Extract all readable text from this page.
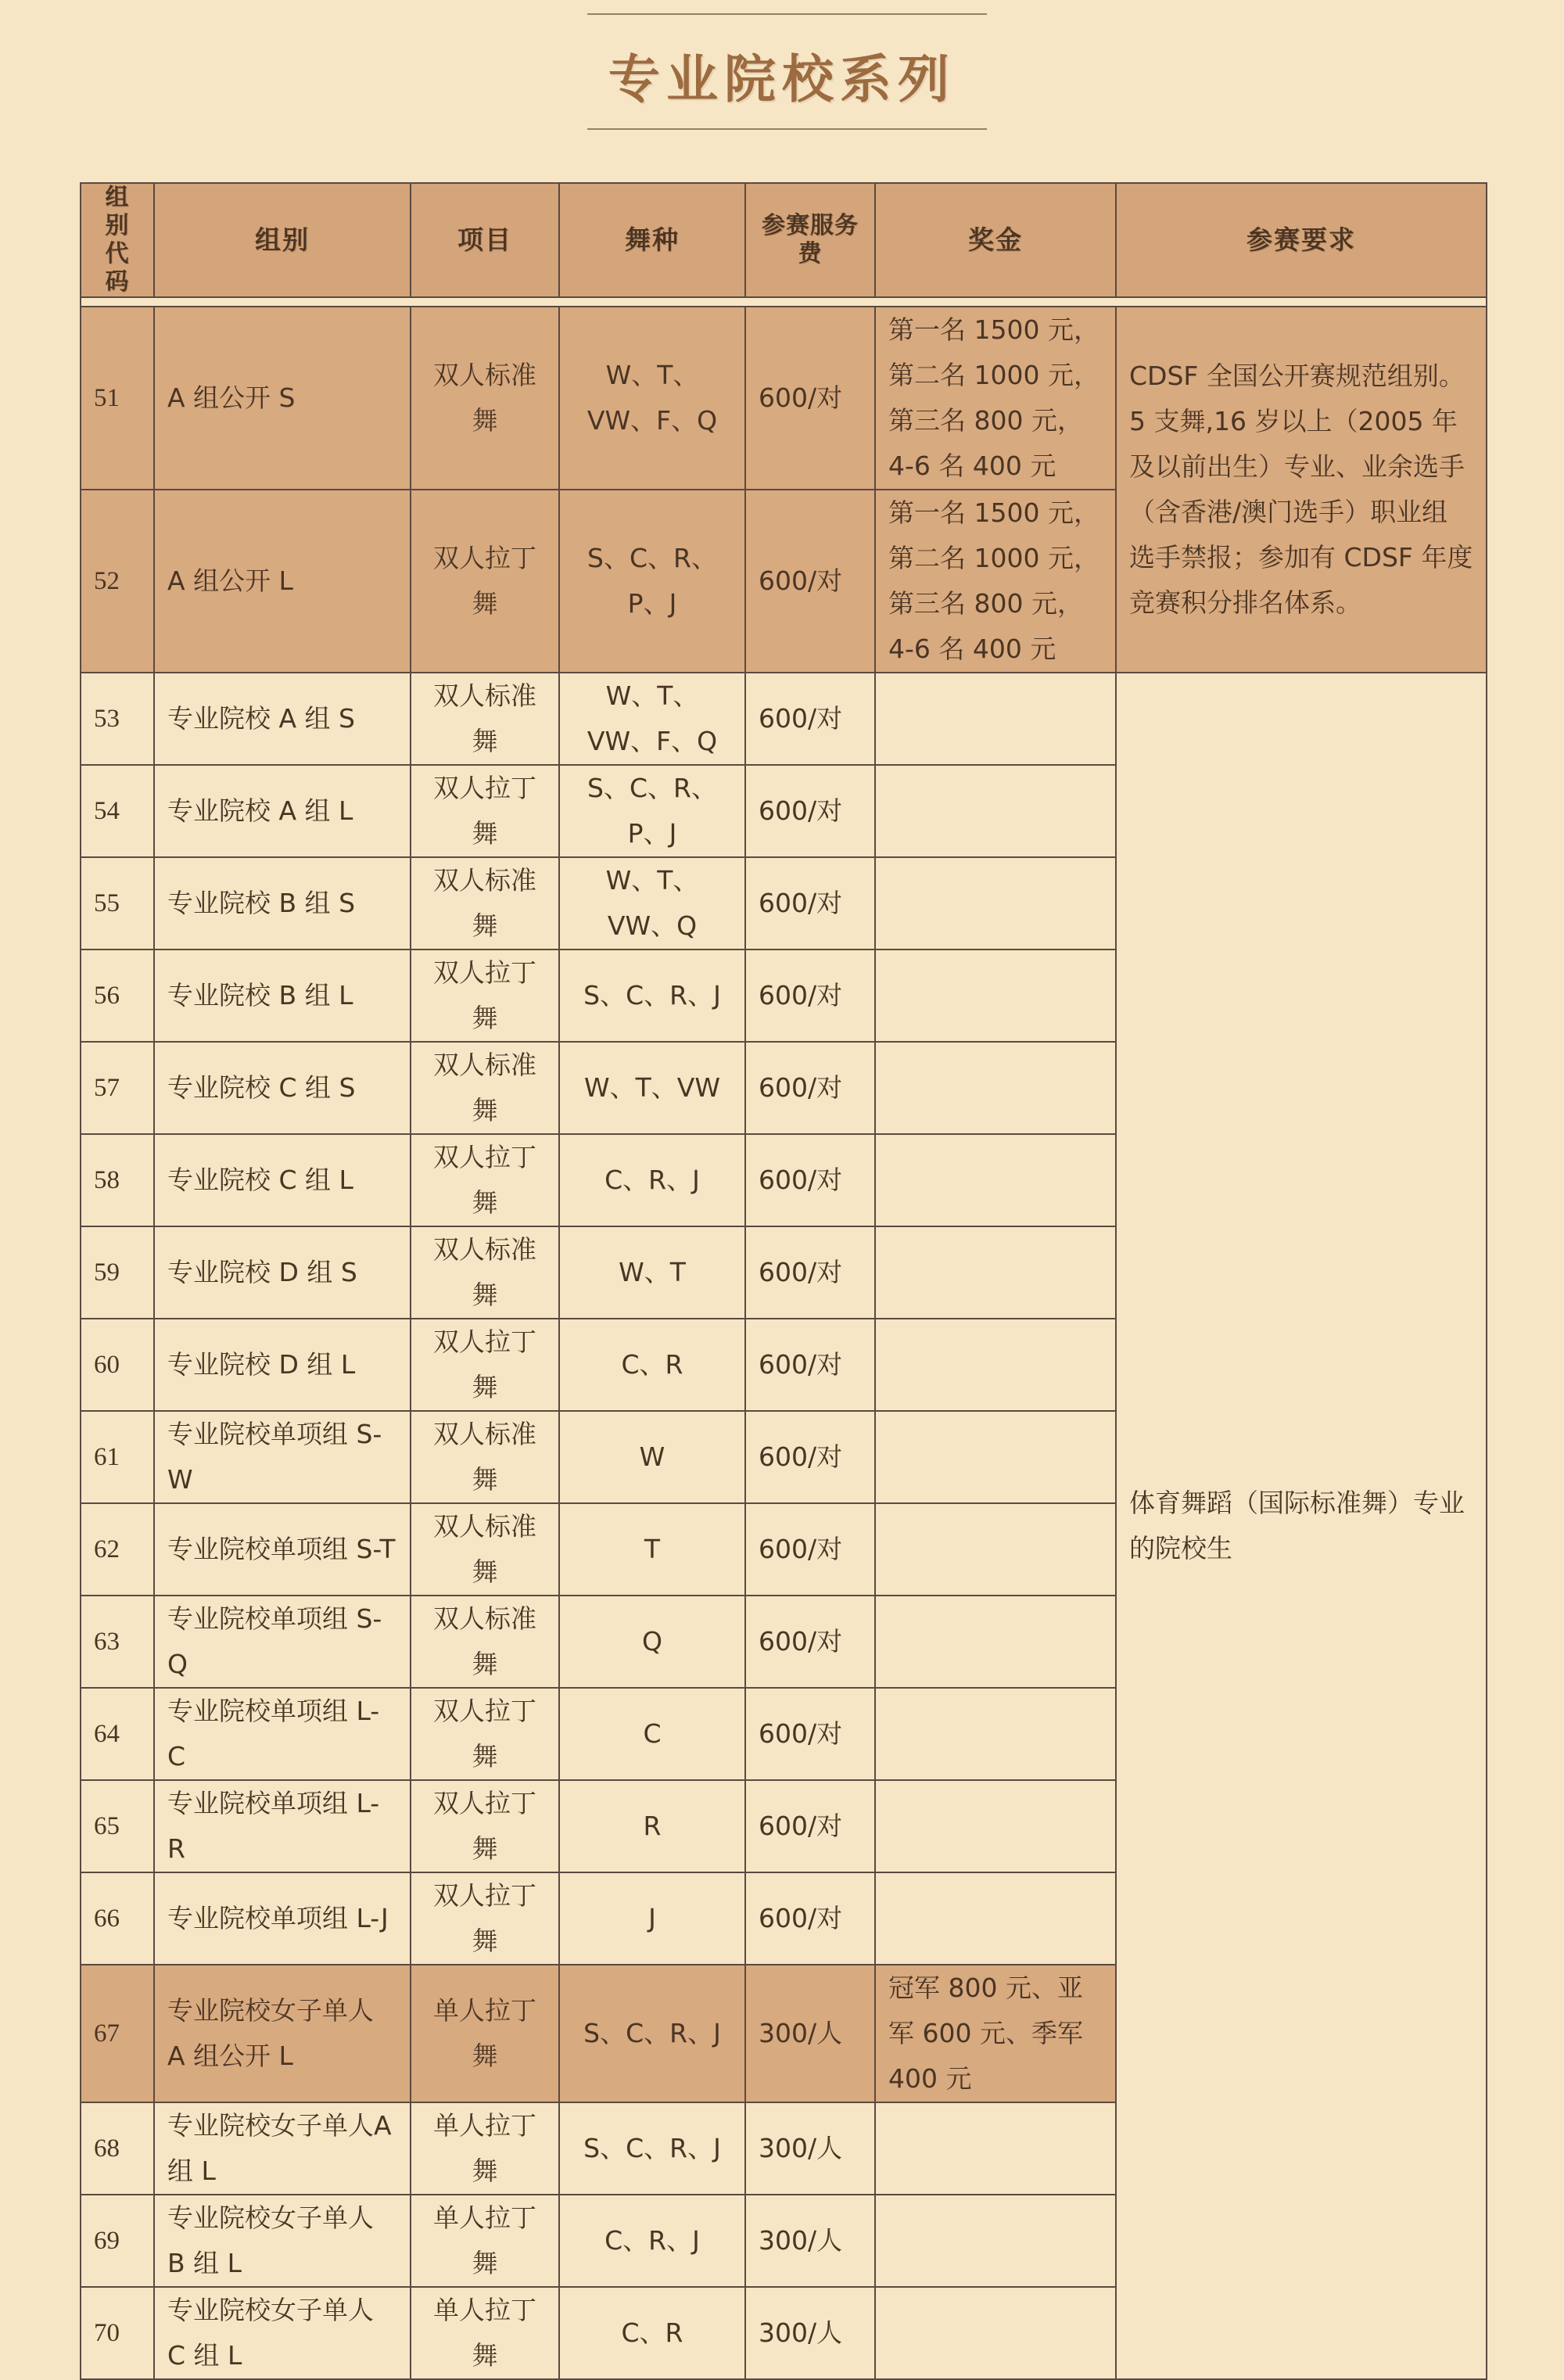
专业院校系列
组别代码	组别	项目	舞种	参赛服务费	奖金	参赛要求

51	A 组公开 S	双人标准舞	W、T、VW、F、Q	600/对	第一名 1500 元，第二名 1000 元，第三名 800 元，4-6 名 400 元	CDSF 全国公开赛规范组别。5 支舞,16 岁以上（2005 年及以前出生）专业、业余选手（含香港/澳门选手）职业组选手禁报；参加有 CDSF 年度竞赛积分排名体系。
52	A 组公开 L	双人拉丁舞	S、C、R、P、J	600/对	第一名 1500 元，第二名 1000 元，第三名 800 元，4-6 名 400 元	
53	专业院校 A 组 S	双人标准舞	W、T、VW、F、Q	600/对		体育舞蹈（国际标准舞）专业的院校生
54	专业院校 A 组 L	双人拉丁舞	S、C、R、P、J	600/对		
55	专业院校 B 组 S	双人标准舞	W、T、VW、Q	600/对		
56	专业院校 B 组 L	双人拉丁舞	S、C、R、J	600/对		
57	专业院校 C 组 S	双人标准舞	W、T、VW	600/对		
58	专业院校 C 组 L	双人拉丁舞	C、R、J	600/对		
59	专业院校 D 组 S	双人标准舞	W、T	600/对		
60	专业院校 D 组 L	双人拉丁舞	C、R	600/对		
61	专业院校单项组 S-W	双人标准舞	W	600/对		
62	专业院校单项组 S-T	双人标准舞	T	600/对		
63	专业院校单项组 S-Q	双人标准舞	Q	600/对		
64	专业院校单项组 L-C	双人拉丁舞	C	600/对		
65	专业院校单项组 L-R	双人拉丁舞	R	600/对		
66	专业院校单项组 L-J	双人拉丁舞	J	600/对		
67	专业院校女子单人 A 组公开 L	单人拉丁舞	S、C、R、J	300/人	冠军 800 元、亚军 600 元、季军 400 元	
68	专业院校女子单人A 组 L	单人拉丁舞	S、C、R、J	300/人		
69	专业院校女子单人 B 组 L	单人拉丁舞	C、R、J	300/人		
70	专业院校女子单人 C 组 L	单人拉丁舞	C、R	300/人		
